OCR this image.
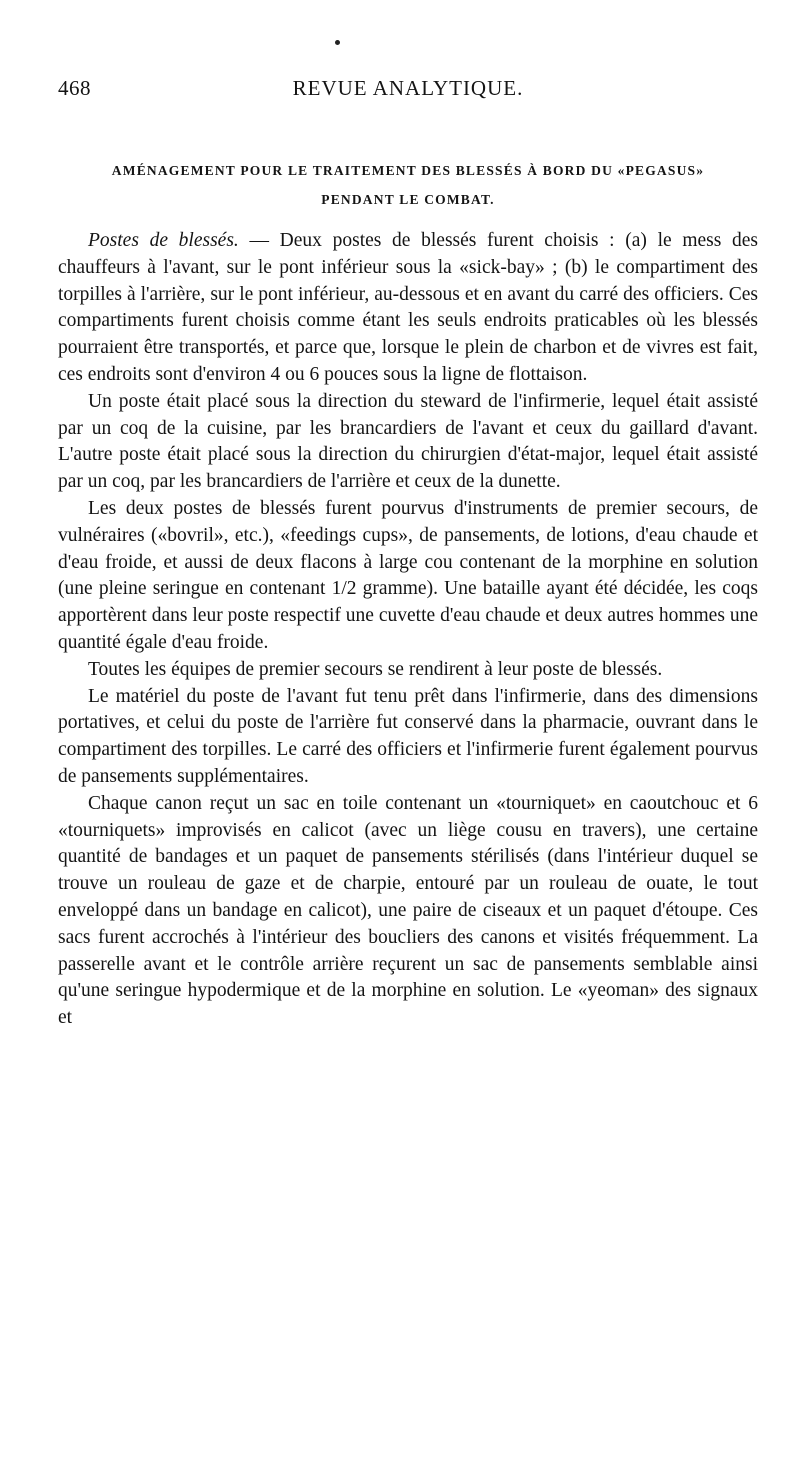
468	REVUE ANALYTIQUE.
AMÉNAGEMENT POUR LE TRAITEMENT DES BLESSÉS À BORD DU «PEGASUS»
PENDANT LE COMBAT.

Postes de blessés. — Deux postes de blessés furent choisis : (a) le mess des chauffeurs à l'avant, sur le pont inférieur sous la «sick-bay» ; (b) le compartiment des torpilles à l'arrière, sur le pont inférieur, au-dessous et en avant du carré des officiers. Ces compartiments furent choisis comme étant les seuls endroits praticables où les blessés pourraient être transportés, et parce que, lorsque le plein de charbon et de vivres est fait, ces endroits sont d'environ 4 ou 6 pouces sous la ligne de flottaison.

Un poste était placé sous la direction du steward de l'infirmerie, lequel était assisté par un coq de la cuisine, par les brancardiers de l'avant et ceux du gaillard d'avant. L'autre poste était placé sous la direction du chirurgien d'état-major, lequel était assisté par un coq, par les brancardiers de l'arrière et ceux de la dunette.

Les deux postes de blessés furent pourvus d'instruments de premier secours, de vulnéraires («bovril», etc.), «feedings cups», de pansements, de lotions, d'eau chaude et d'eau froide, et aussi de deux flacons à large cou contenant de la morphine en solution (une pleine seringue en contenant 1/2 gramme). Une bataille ayant été décidée, les coqs apportèrent dans leur poste respectif une cuvette d'eau chaude et deux autres hommes une quantité égale d'eau froide.

Toutes les équipes de premier secours se rendirent à leur poste de blessés.

Le matériel du poste de l'avant fut tenu prêt dans l'infirmerie, dans des dimensions portatives, et celui du poste de l'arrière fut conservé dans la pharmacie, ouvrant dans le compartiment des torpilles. Le carré des officiers et l'infirmerie furent également pourvus de pansements supplémentaires.

Chaque canon reçut un sac en toile contenant un «tourniquet» en caoutchouc et 6 «tourniquets» improvisés en calicot (avec un liège cousu en travers), une certaine quantité de bandages et un paquet de pansements stérilisés (dans l'intérieur duquel se trouve un rouleau de gaze et de charpie, entouré par un rouleau de ouate, le tout enveloppé dans un bandage en calicot), une paire de ciseaux et un paquet d'étoupe. Ces sacs furent accrochés à l'intérieur des boucliers des canons et visités fréquemment. La passerelle avant et le contrôle arrière reçurent un sac de pansements semblable ainsi qu'une seringue hypodermique et de la morphine en solution. Le «yeoman» des signaux et
